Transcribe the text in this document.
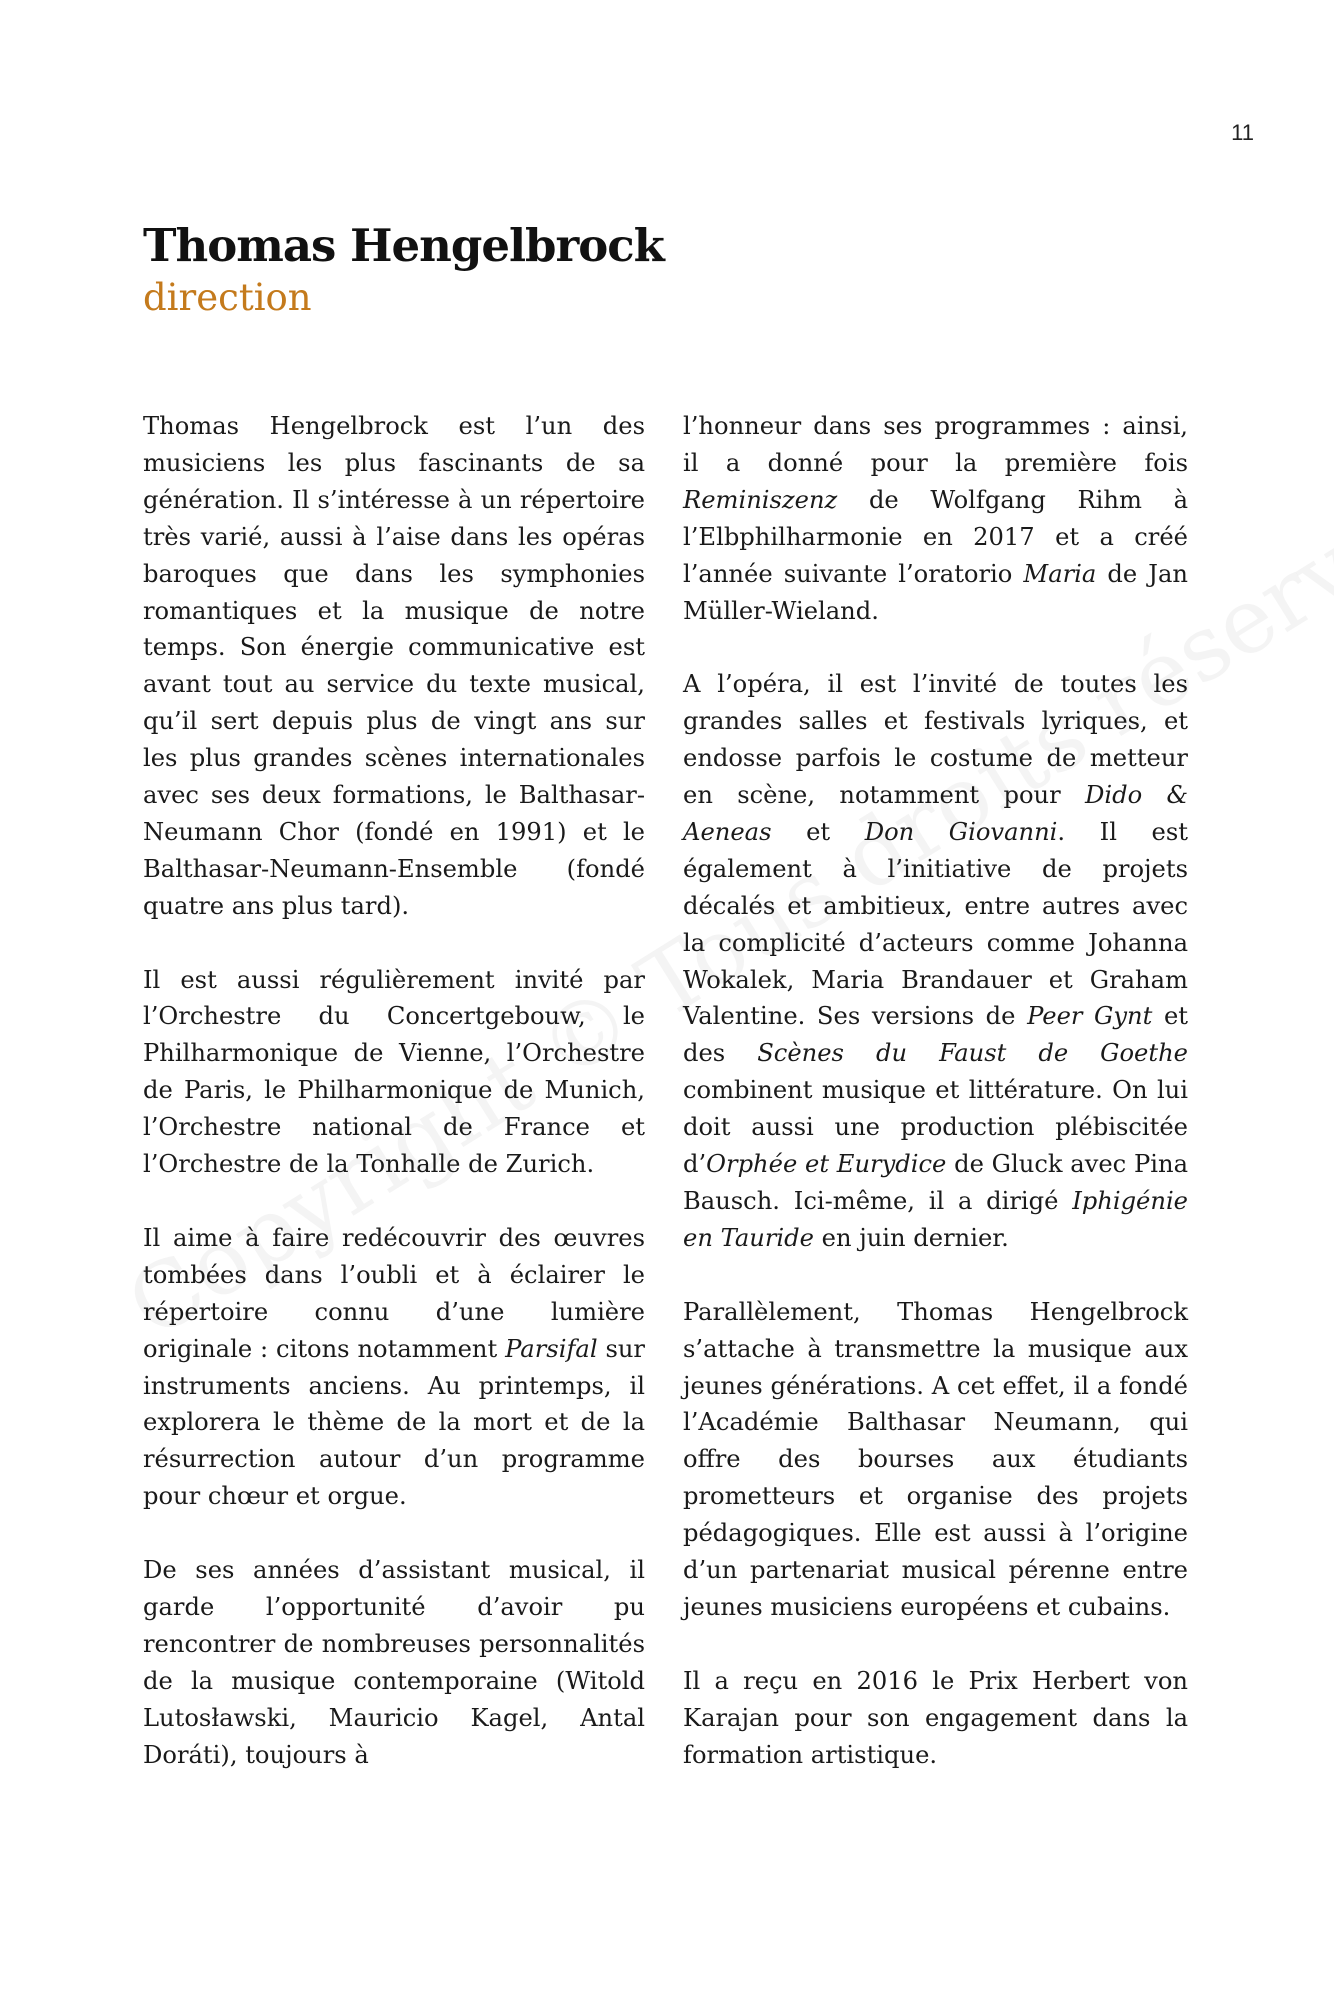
11
Thomas Hengelbrock
direction

Thomas Hengelbrock est l’un des musiciens les plus fascinants de sa génération. Il s’intéresse à un répertoire très varié, aussi à l’aise dans les opéras baroques que dans les symphonies romantiques et la musique de notre temps. Son énergie communicative est avant tout au service du texte musical, qu’il sert depuis plus de vingt ans sur les plus grandes scènes internationales avec ses deux formations, le Balthasar-Neumann Chor (fondé en 1991) et le Balthasar-Neumann-Ensemble (fondé quatre ans plus tard).

Il est aussi régulièrement invité par l’Orchestre du Concertgebouw, le Philharmonique de Vienne, l’Orchestre de Paris, le Philharmonique de Munich, l’Orchestre national de France et l’Orchestre de la Tonhalle de Zurich.

Il aime à faire redécouvrir des œuvres tombées dans l’oubli et à éclairer le répertoire connu d’une lumière originale : citons notamment Parsifal sur instruments anciens. Au printemps, il explorera le thème de la mort et de la résurrection autour d’un programme pour chœur et orgue.

De ses années d’assistant musical, il garde l’opportunité d’avoir pu rencontrer de nombreuses personnalités de la musique contemporaine (Witold Lutosławski, Mauricio Kagel, Antal Doráti), toujours à

l’honneur dans ses programmes : ainsi, il a donné pour la première fois Reminiszenz de Wolfgang Rihm à l’Elbphilharmonie en 2017 et a créé l’année suivante l’oratorio Maria de Jan Müller-Wieland.

A l’opéra, il est l’invité de toutes les grandes salles et festivals lyriques, et endosse parfois le costume de metteur en scène, notamment pour Dido & Aeneas et Don Giovanni. Il est également à l’initiative de projets décalés et ambitieux, entre autres avec la complicité d’acteurs comme Johanna Wokalek, Maria Brandauer et Graham Valentine. Ses versions de Peer Gynt et des Scènes du Faust de Goethe combinent musique et littérature. On lui doit aussi une production plébiscitée d’Orphée et Eurydice de Gluck avec Pina Bausch. Ici-même, il a dirigé Iphigénie en Tauride en juin dernier.

Parallèlement, Thomas Hengelbrock s’attache à transmettre la musique aux jeunes générations. A cet effet, il a fondé l’Académie Balthasar Neumann, qui offre des bourses aux étudiants prometteurs et organise des projets pédagogiques. Elle est aussi à l’origine d’un partenariat musical pérenne entre jeunes musiciens européens et cubains.

Il a reçu en 2016 le Prix Herbert von Karajan pour son engagement dans la formation artistique.
